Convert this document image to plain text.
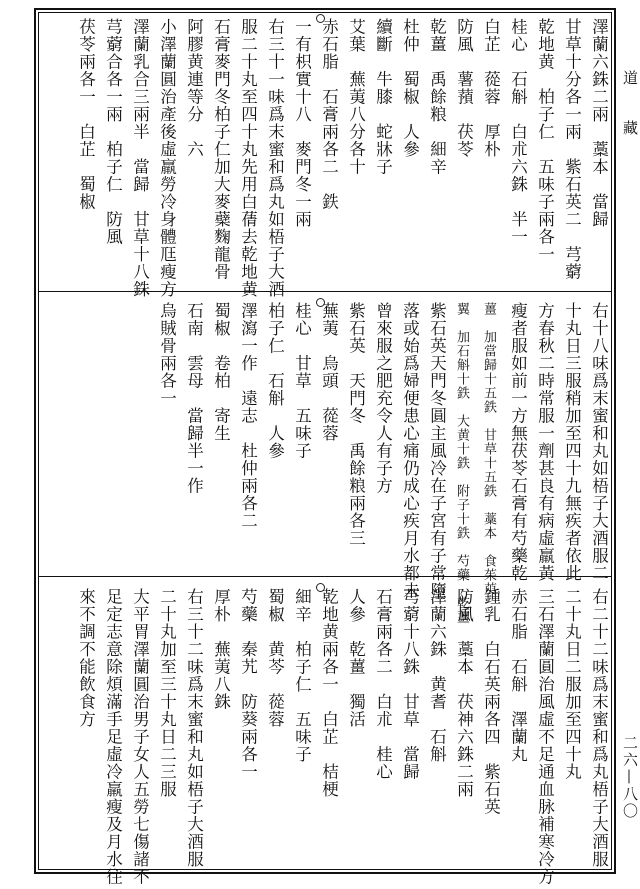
道　藏
二六—八〇
澤蘭六銖二兩　藁本　當歸
甘草十分各一兩　紫石英二　芎藭
乾地黄　柏子仁　五味子兩各一
桂心　石斛　白朮六銖　半一
白芷　蓯蓉　厚朴
防風　薯蕷　茯苓
乾薑　禹餘粮　細辛
杜仲　蜀椒　人參
續斷　牛膝　蛇牀子
艾葉　蕪荑八分各十
赤石脂　石膏兩各二　鉄
一有枳實十八　麥門冬一兩
右三十一味爲末蜜和爲丸如梧子大酒
服二十丸至四十丸先用白蒨去乾地黄
石膏麥門冬柏子仁加大麥蘗麴龍骨
阿膠黄連等分　六
小澤蘭圓治產後虛羸勞冷身體尫瘦方
澤蘭乳合三兩半　當歸　甘草十八銖
芎藭合各一兩　柏子仁　防風
茯苓兩各一　白芷　蜀椒
右十八味爲末蜜和丸如梧子大酒服二
十丸日三服稍加至四十九無疾者依此
方春秋二時常服一劑甚良有病虛羸黃
瘦者服如前一方無茯苓石膏有芍藥乾
薑　加當歸十五鉄　甘草十五鉄　藁本　食茱萸
翼　加石斛十鉄　大黄十鉄　附子十鉄　芍藥　乾薑
紫石英天門冬圓主風冷在子宮有子常墮
落或始爲婦便患心痛仍成心疾月水都未
曾來服之肥充令人有子方
紫石英　天門冬　禹餘粮兩各三
蕪荑　烏頭　蓯蓉
桂心　甘草　五味子
柏子仁　石斛　人參
澤瀉一作　遠志　杜仲兩各二
蜀椒　卷柏　寄生
石南　雲母　當歸半一作
烏賊骨兩各一
右二十二味爲末蜜和爲丸梧子大酒服
二十丸日二服加至四十丸
三石澤蘭圓治風虛不足通血脉補寒冷方
赤石脂　石斛　澤蘭丸
鍾乳　白石英兩各四　紫石英
防風　藁本　茯神六銖二兩
澤蘭六銖　黄耆　石斛
芎藭十八銖　甘草　當歸
石膏兩各二　白朮　桂心
人參　乾薑　獨活
乾地黄兩各一　白芷　桔梗
細辛　柏子仁　五味子
蜀椒　黄芩　蓯蓉
芍藥　秦艽　防葵兩各一
厚朴　蕪荑八銖
右三十二味爲末蜜和丸如梧子大酒服
二十丸加至三十丸日二三服
大平胃澤蘭圓治男子女人五勞七傷諸不
足定志意除煩滿手足虛冷羸瘦及月水往
來不調不能飲食方
